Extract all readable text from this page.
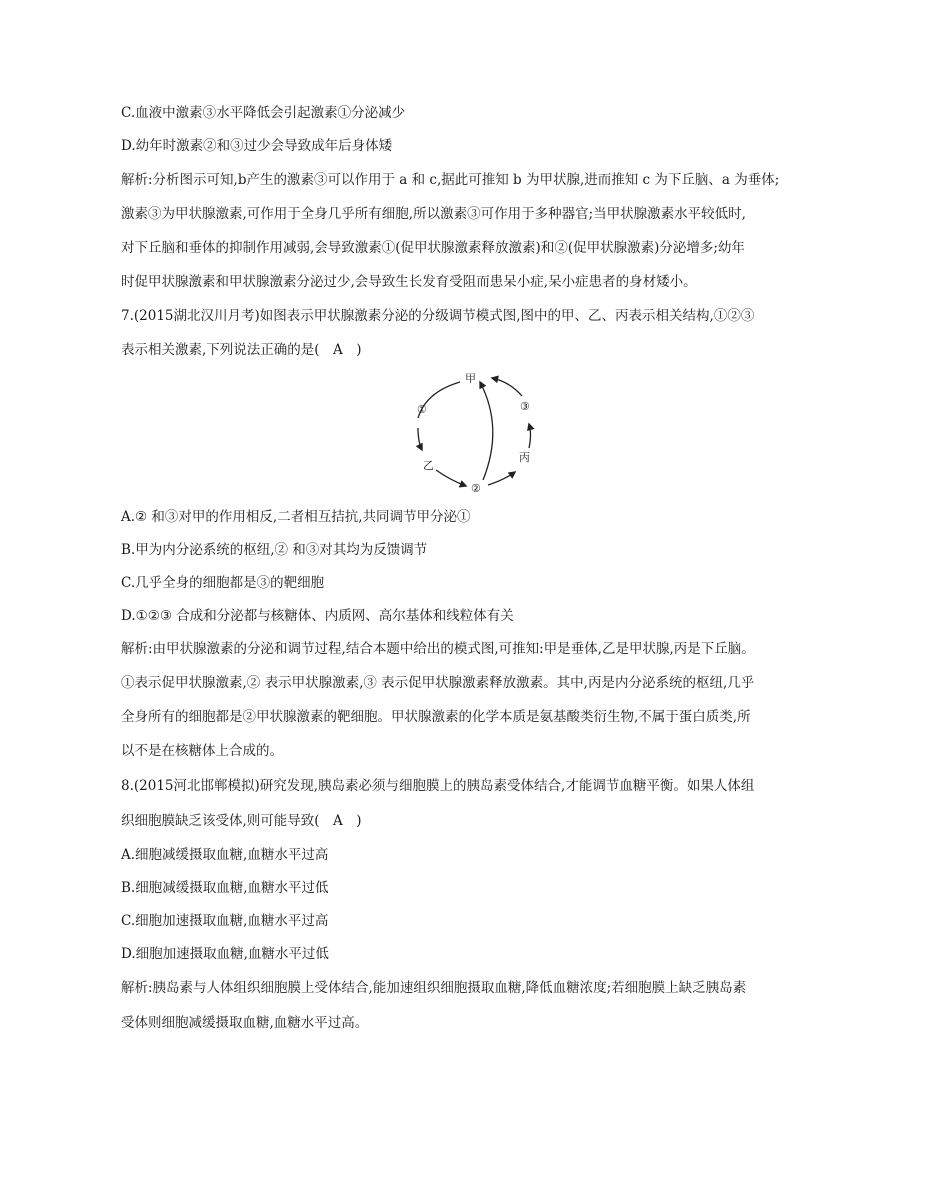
C.血液中激素③水平降低会引起激素①分泌减少
D.幼年时激素②和③过少会导致成年后身体矮
解析:分析图示可知,b产生的激素③可以作用于 a 和 c,据此可推知 b 为甲状腺,进而推知 c 为下丘脑、a 为垂体;
激素③为甲状腺激素,可作用于全身几乎所有细胞,所以激素③可作用于多种器官;当甲状腺激素水平较低时,
对下丘脑和垂体的抑制作用减弱,会导致激素①(促甲状腺激素释放激素)和②(促甲状腺激素)分泌增多;幼年
时促甲状腺激素和甲状腺激素分泌过少,会导致生长发育受阻而患呆小症,呆小症患者的身材矮小。
7.(2015湖北汉川月考)如图表示甲状腺激素分泌的分级调节模式图,图中的甲、乙、丙表示相关结构,①②③
表示相关激素,下列说法正确的是(　A　)
甲
①
乙
②
丙
③
A.② 和③对甲的作用相反,二者相互拮抗,共同调节甲分泌①
B.甲为内分泌系统的枢纽,② 和③对其均为反馈调节
C.几乎全身的细胞都是③的靶细胞
D.①②③ 合成和分泌都与核糖体、内质网、高尔基体和线粒体有关
解析:由甲状腺激素的分泌和调节过程,结合本题中给出的模式图,可推知:甲是垂体,乙是甲状腺,丙是下丘脑。
①表示促甲状腺激素,② 表示甲状腺激素,③ 表示促甲状腺激素释放激素。其中,丙是内分泌系统的枢纽,几乎
全身所有的细胞都是②甲状腺激素的靶细胞。甲状腺激素的化学本质是氨基酸类衍生物,不属于蛋白质类,所
以不是在核糖体上合成的。
8.(2015河北邯郸模拟)研究发现,胰岛素必须与细胞膜上的胰岛素受体结合,才能调节血糖平衡。如果人体组
织细胞膜缺乏该受体,则可能导致(　A　)
A.细胞减缓摄取血糖,血糖水平过高
B.细胞减缓摄取血糖,血糖水平过低
C.细胞加速摄取血糖,血糖水平过高
D.细胞加速摄取血糖,血糖水平过低
解析:胰岛素与人体组织细胞膜上受体结合,能加速组织细胞摄取血糖,降低血糖浓度;若细胞膜上缺乏胰岛素
受体则细胞减缓摄取血糖,血糖水平过高。
